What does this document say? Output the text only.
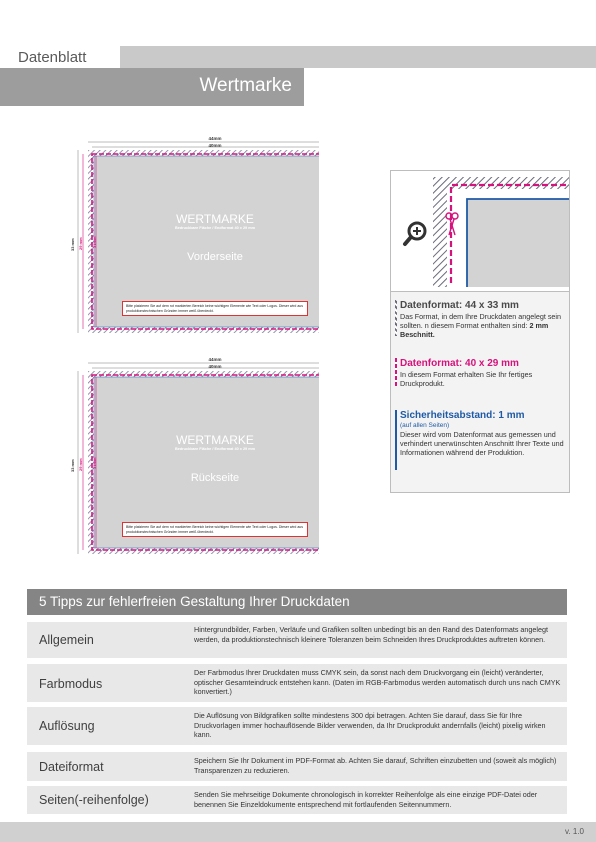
Datenblatt
Wertmarke
44mm
40mm
WERTMARKE
Bedruckbare Fläche / Endformat 40 x 29 mm
Vorderseite
Bitte platzieren Sie auf dem rot markierten Bereich keine wichtigen Elemente wie Text oder Logos. Dieser wird aus produktionstechnischen Gründen immer weiß überdeckt.
33 mm 29 mm 31mm
44mm
40mm
WERTMARKE
Bedruckbare Fläche / Endformat 40 x 29 mm
Rückseite
Bitte platzieren Sie auf dem rot markierten Bereich keine wichtigen Elemente wie Text oder Logos. Dieser wird aus produktionstechnischen Gründen immer weiß überdeckt.
33 mm 29 mm 31mm
Datenformat: 44 x 33 mm
Das Format, in dem Ihre Druckdaten angelegt sein sollten. n diesem Format enthalten sind: 2 mm Beschnitt.
Datenformat: 40 x 29 mm
In diesem Format erhalten Sie Ihr fertiges Druckprodukt.
Sicherheitsabstand: 1 mm
(auf allen Seiten)
Dieser wird vom Datenformat aus gemessen und verhindert unerwünschten Anschnitt Ihrer Texte und Informationen während der Produktion.
5 Tipps zur fehlerfreien Gestaltung Ihrer Druckdaten
Allgemein
Hintergrundbilder, Farben, Verläufe und Grafiken sollten unbedingt bis an den Rand des Datenformats angelegt werden, da produktionstechnisch kleinere Toleranzen beim Schneiden Ihres Druckproduktes auftreten können.
Farbmodus
Der Farbmodus Ihrer Druckdaten muss CMYK sein, da sonst nach dem Druckvorgang ein (leicht) veränderter, optischer Gesamteindruck entstehen kann. (Daten im RGB-Farbmodus werden automatisch durch uns nach CMYK konvertiert.)
Auflösung
Die Auflösung von Bildgrafiken sollte mindestens 300 dpi betragen. Achten Sie darauf, dass Sie für Ihre Druckvorlagen immer hochauflösende Bilder verwenden, da Ihr Druckprodukt andernfalls (leicht) pixelig wirken kann.
Dateiformat	Speichern Sie Ihr Dokument im PDF-Format ab. Achten Sie darauf, Schriften einzubetten und (soweit als möglich) Transparenzen zu reduzieren.
Seiten(-reihenfolge)	Senden Sie mehrseitige Dokumente chronologisch in korrekter Reihenfolge als eine einzige PDF-Datei oder benennen Sie Einzeldokumente entsprechend mit fortlaufenden Seitennummern.
v. 1.0
